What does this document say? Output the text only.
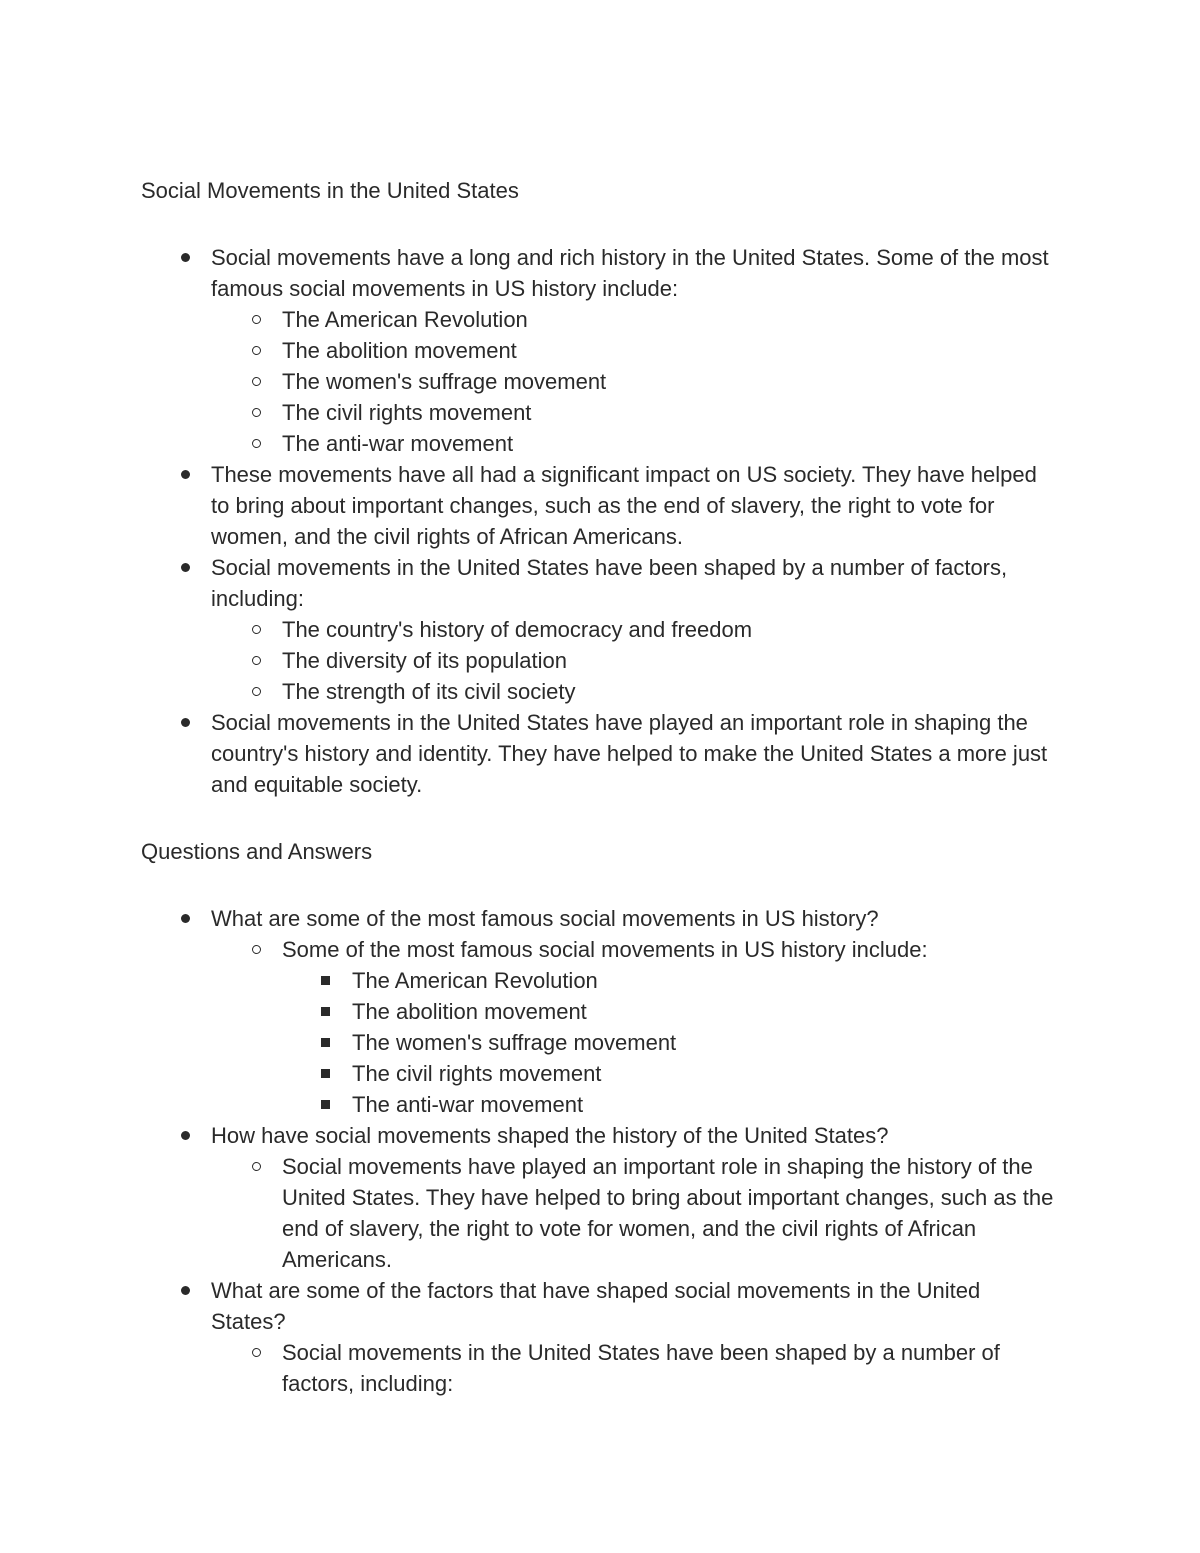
Social Movements in the United States
Social movements have a long and rich history in the United States. Some of the most famous social movements in US history include:
The American Revolution
The abolition movement
The women's suffrage movement
The civil rights movement
The anti-war movement
These movements have all had a significant impact on US society. They have helped to bring about important changes, such as the end of slavery, the right to vote for women, and the civil rights of African Americans.
Social movements in the United States have been shaped by a number of factors, including:
The country's history of democracy and freedom
The diversity of its population
The strength of its civil society
Social movements in the United States have played an important role in shaping the country's history and identity. They have helped to make the United States a more just and equitable society.
Questions and Answers
What are some of the most famous social movements in US history?
Some of the most famous social movements in US history include:
The American Revolution
The abolition movement
The women's suffrage movement
The civil rights movement
The anti-war movement
How have social movements shaped the history of the United States?
Social movements have played an important role in shaping the history of the United States. They have helped to bring about important changes, such as the end of slavery, the right to vote for women, and the civil rights of African Americans.
What are some of the factors that have shaped social movements in the United States?
Social movements in the United States have been shaped by a number of factors, including:
